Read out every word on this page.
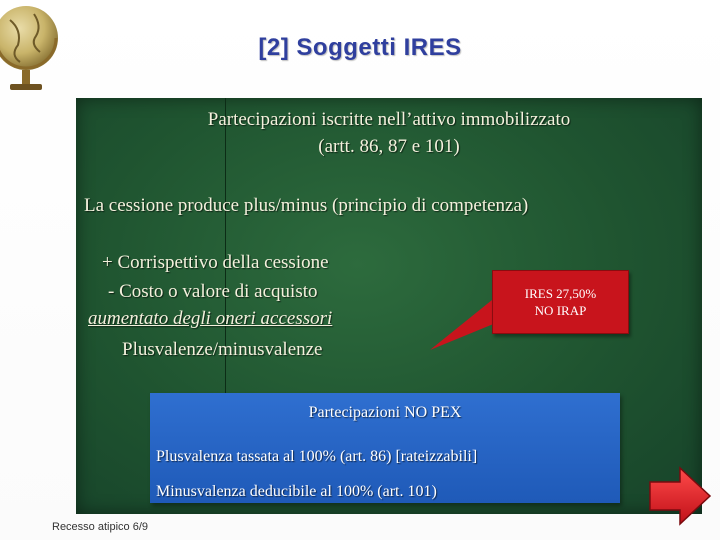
[2] Soggetti IRES
Partecipazioni iscritte nell’attivo immobilizzato
(artt. 86, 87 e 101)
La cessione produce plus/minus (principio di competenza)
+ Corrispettivo della cessione
- Costo o valore di acquisto
aumentato degli oneri accessori
Plusvalenze/minusvalenze
IRES 27,50%
NO IRAP
Partecipazioni NO PEX
Plusvalenza tassata al 100% (art. 86) [rateizzabili]
Minusvalenza deducibile al 100% (art. 101)
Recesso atipico 6/9
